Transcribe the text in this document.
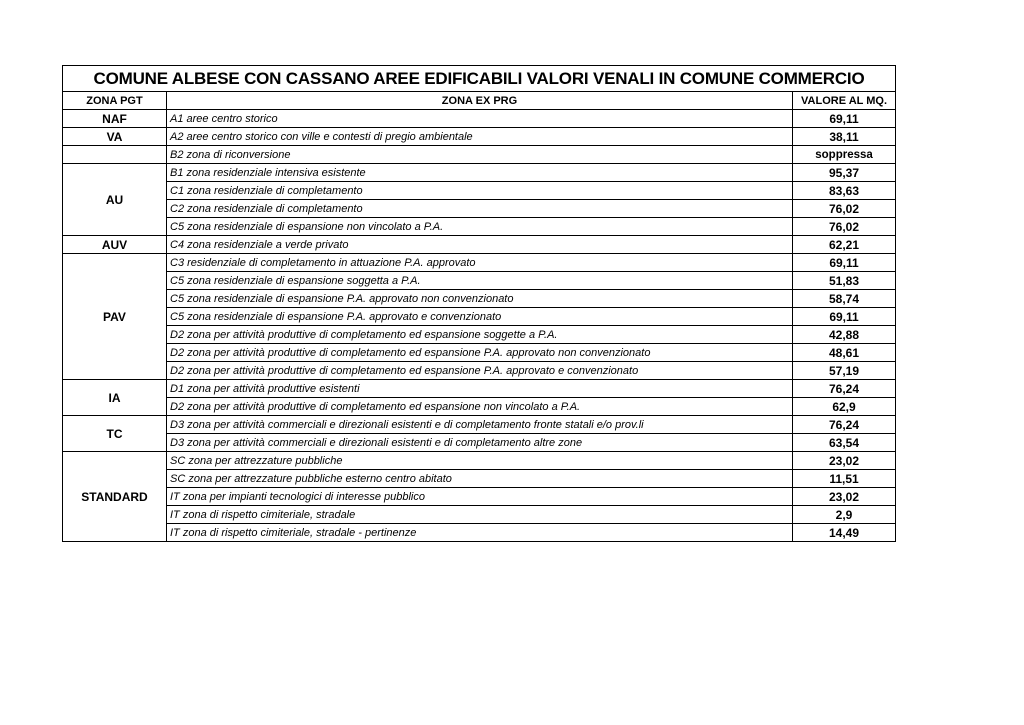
COMUNE ALBESE CON CASSANO AREE EDIFICABILI VALORI VENALI IN COMUNE COMMERCIO		
ZONA PGT	ZONA EX PRG	VALORE AL MQ.
NAF	A1 aree centro storico	69,11
VA	A2 aree centro storico con ville e contesti di pregio ambientale	38,11
	B2 zona di riconversione	soppressa
AU	B1 zona residenziale intensiva esistente	95,37
	C1 zona residenziale di completamento	83,63
	C2 zona residenziale di completamento	76,02
	C5 zona residenziale di espansione non vincolato a P.A.	76,02
AUV	C4 zona residenziale a verde privato	62,21
PAV	C3 residenziale di completamento in attuazione P.A. approvato	69,11
	C5 zona residenziale di espansione soggetta a P.A.	51,83
	C5 zona residenziale di espansione P.A. approvato non convenzionato	58,74
	C5 zona residenziale di espansione P.A. approvato e convenzionato	69,11
	D2 zona per attività produttive di completamento ed espansione soggette a P.A.	42,88
	D2 zona per attività produttive di completamento ed espansione P.A. approvato non convenzionato	48,61
	D2 zona per attività produttive di completamento ed espansione P.A. approvato e convenzionato	57,19
IA	D1 zona per attività produttive esistenti	76,24
	D2 zona per attività produttive di completamento ed espansione non vincolato a P.A.	62,9
TC	D3 zona per attività commerciali e direzionali esistenti e di completamento fronte statali e/o prov.li	76,24
	D3 zona per attività commerciali e direzionali esistenti e di completamento altre zone	63,54
STANDARD	SC zona per attrezzature pubbliche	23,02
	SC zona per attrezzature pubbliche esterno centro abitato	11,51
	IT zona per impianti tecnologici di interesse pubblico	23,02
	IT zona di rispetto cimiteriale, stradale	2,9
	IT zona di rispetto cimiteriale, stradale - pertinenze	14,49
